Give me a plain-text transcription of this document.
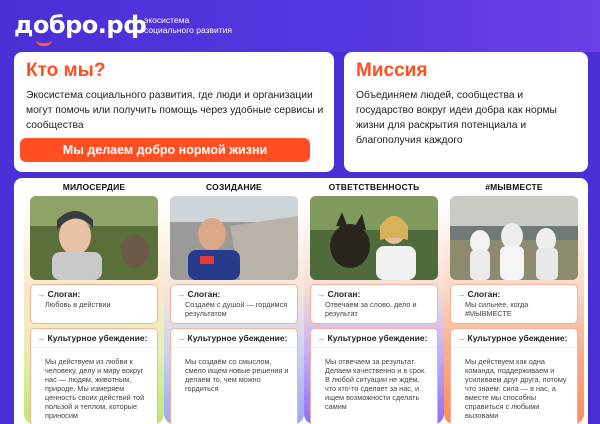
добро.рф
экосистема
социального развития
Кто мы?

Экосистема социального развития, где люди и организации могут помочь или получить помощь через удобные сервисы и сообщества

Мы делаем добро нормой жизни
Миссия

Объединяем людей, сообщества и государство вокруг идеи добра как нормы жизни для раскрытия потенциала и благополучия каждого

МИЛОСЕРДИЕ
→ Слоган:
Любовь в действии
→ Культурное убеждение:
Мы действуем из любви к человеку, делу и миру вокруг нас — людям, животным, природе. Мы измеряем ценность своих действий той пользой и теплом, которые приносим
СОЗИДАНИЕ
→ Слоган:
Создаём с душой — гордимся результатом
→ Культурное убеждение:
Мы создаём со смыслом, смело ищем новые решения и делаем то, чем можно гордиться
ОТВЕТСТВЕННОСТЬ
→ Слоган:
Отвечаем за слово, дело и результат
→ Культурное убеждение:
Мы отвечаем за результат. Делаем качественно и в срок. В любой ситуации не ждём, что кто-то сделает за нас, и ищем возможности сделать самим
#МЫВМЕСТЕ
→ Слоган:
Мы сильнее, когда #МЫВМЕСТЕ
→ Культурное убеждение:
Мы действуем как одна команда, поддерживаем и усиливаем друг друга, потому что знаем: сила — в нас, а вместе мы способны справиться с любыми вызовами
